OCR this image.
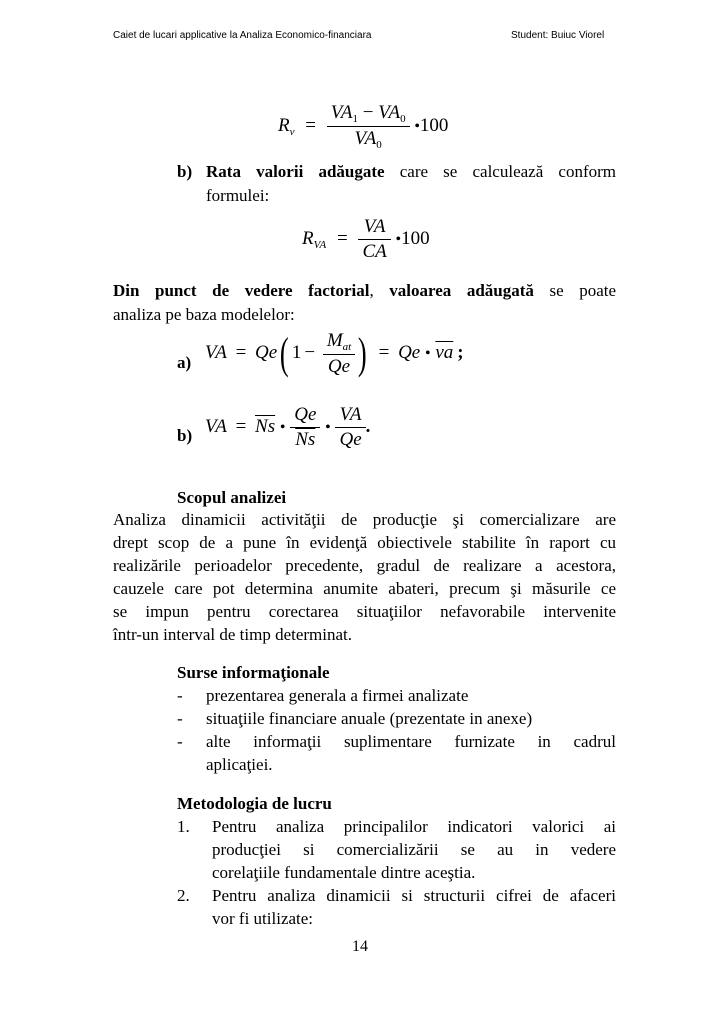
Caiet de lucari applicative la Analiza Economico-financiara	Student: Buiuc Viorel
$R_v = \frac{VA_1 - VA_0}{VA_0}$ •100
b) Rata valorii adăugate care se calculează conform
formulei:
$R_{VA} = \frac{VA}{CA}$ •100
Din punct de vedere factorial, valoarea adăugată se poate
analiza pe baza modelelor:
a) VA = Qe( $1 - \frac{M_{at}}{Qe}$ ) = Qe • $\overline{va}$ ;
b) VA = $\overline{Ns}$ • $\frac{Qe}{Ns}$ • $\frac{VA}{Qe}$ .
Scopul analizei
Analiza dinamicii activităţii de producţie şi comercializare are
drept scop de a pune în evidenţă obiectivele stabilite în raport cu
realizările perioadelor precedente, gradul de realizare a acestora,
cauzele care pot determina anumite abateri, precum şi măsurile ce
se impun pentru corectarea situaţiilor nefavorabile intervenite
într-un interval de timp determinat.
Surse informaţionale
- prezentarea generala a firmei analizate
- situaţiile financiare anuale (prezentate in anexe)
- alte informaţii suplimentare furnizate in cadrul
aplicaţiei.
Metodologia de lucru
1. Pentru analiza principalilor indicatori valorici ai
producţiei si comercializării se au in vedere
corelaţiile fundamentale dintre aceştia.
2. Pentru analiza dinamicii si structurii cifrei de afaceri
vor fi utilizate:
14
